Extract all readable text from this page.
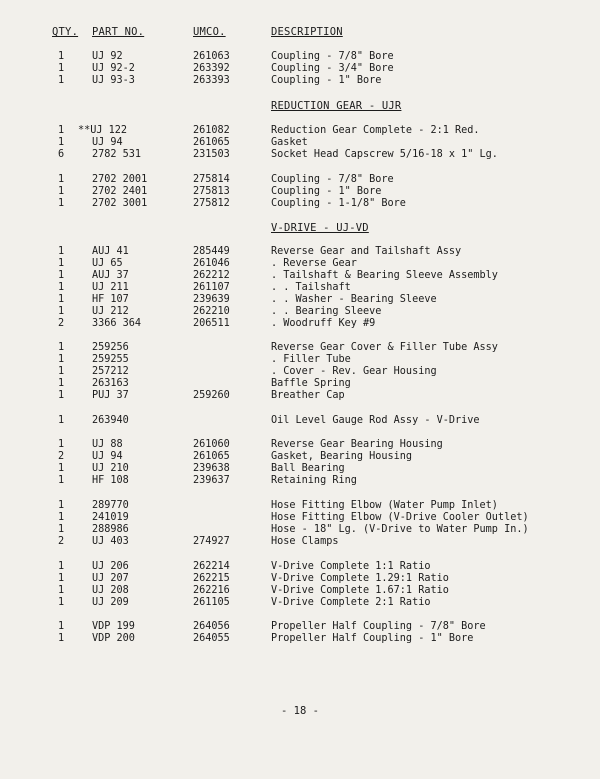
QTY. PART NO.	UMCO.	DESCRIPTION
REDUCTION GEAR - UJR
V-DRIVE - UJ-VD
1	UJ 92	261063	Coupling - 7/8" Bore
1	UJ 92-2	263392	Coupling - 3/4" Bore
1	UJ 93-3	263393	Coupling - 1" Bore
1 **UJ 122	261082	Reduction Gear Complete - 2:1 Red.
1	UJ 94	261065	Gasket
6	2782 531	231503	Socket Head Capscrew 5/16-18 x 1" Lg.
1	2702 2001	275814	Coupling - 7/8" Bore
1	2702 2401	275813	Coupling - 1" Bore
1	2702 3001	275812	Coupling - 1-1/8" Bore
1	AUJ 41	285449	Reverse Gear and Tailshaft Assy
1	UJ 65	261046	. Reverse Gear
1	AUJ 37	262212	. Tailshaft & Bearing Sleeve Assembly
1	UJ 211	261107	. . Tailshaft
1	HF 107	239639	. . Washer - Bearing Sleeve
1	UJ 212	262210	. . Bearing Sleeve
2	3366 364	206511	. Woodruff Key #9
1	259256	Reverse Gear Cover & Filler Tube Assy
1	259255	. Filler Tube
1	257212	. Cover - Rev. Gear Housing
1	263163	Baffle Spring
1	PUJ 37	259260	Breather Cap
1	263940	Oil Level Gauge Rod Assy - V-Drive
1	UJ 88	261060	Reverse Gear Bearing Housing
2	UJ 94	261065	Gasket, Bearing Housing
1	UJ 210	239638	Ball Bearing
1	HF 108	239637	Retaining Ring
1	289770	Hose Fitting Elbow (Water Pump Inlet)
1	241019	Hose Fitting Elbow (V-Drive Cooler Outlet)
1	288986	Hose - 18" Lg. (V-Drive to Water Pump In.)
2	UJ 403	274927	Hose Clamps
1	UJ 206	262214	V-Drive Complete 1:1 Ratio
1	UJ 207	262215	V-Drive Complete 1.29:1 Ratio
1	UJ 208	262216	V-Drive Complete 1.67:1 Ratio
1	UJ 209	261105	V-Drive Complete 2:1 Ratio
1	VDP 199	264056	Propeller Half Coupling - 7/8" Bore
1	VDP 200	264055	Propeller Half Coupling - 1" Bore
- 18 -
